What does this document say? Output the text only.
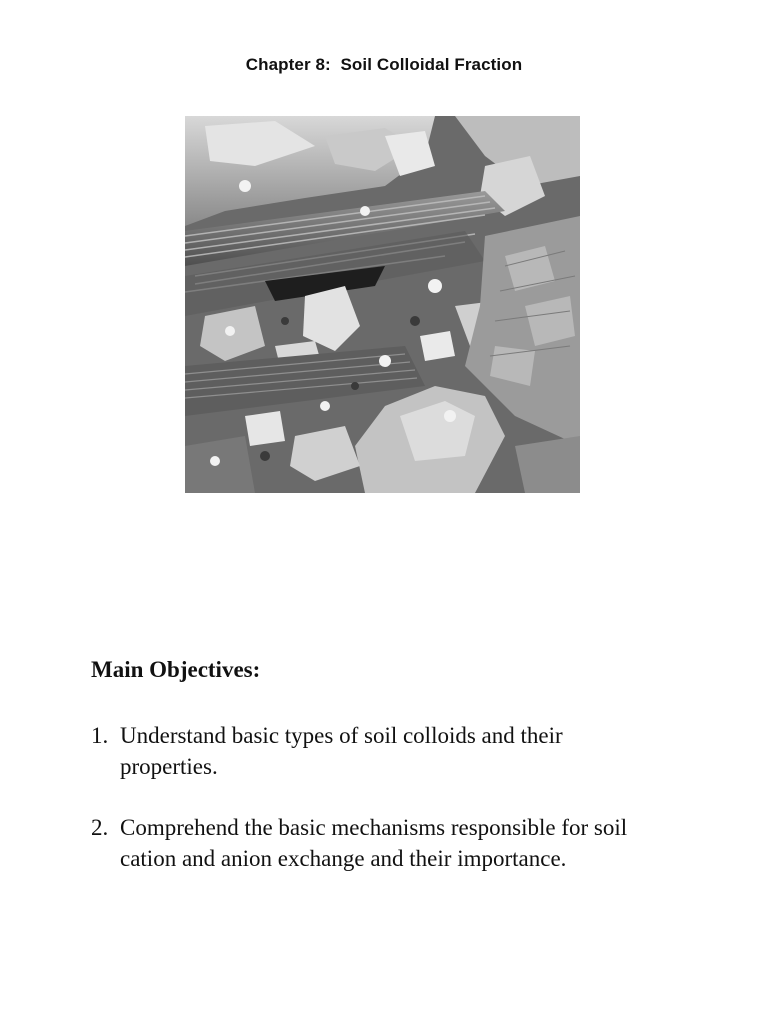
Chapter 8:  Soil Colloidal Fraction
Main Objectives:
1. Understand basic types of soil colloids and their properties.
2. Comprehend the basic mechanisms responsible for soil cation and anion exchange and their importance.
